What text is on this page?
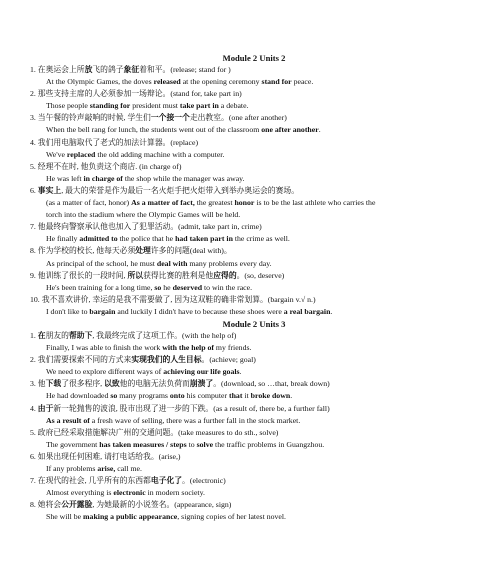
Module 2 Units 2
1. 在奥运会上所放飞的鸽子象征着和平。(release; stand for )
At the Olympic Games, the doves released at the opening ceremony stand for peace.
2. 那些支持主席的人必须参加一场辩论。(stand for, take part in)
Those people standing for president must take part in a debate.
3. 当午餐的铃声敲响的时候, 学生们一个接一个走出教室。(one after another)
When the bell rang for lunch, the students went out of the classroom one after another.
4. 我们用电脑取代了老式的加法计算器。(replace)
We've replaced the old adding machine with a computer.
5. 经理不在时, 他负责这个商店. (in charge of)
He was left in charge of the shop while the manager was away.
6. 事实上, 最大的荣誉是作为最后一名火炬手把火炬带入到举办奥运会的赛场。
(as a matter of fact, honor) As a matter of fact, the greatest honor is to be the last athlete who carries the
torch into the stadium where the Olympic Games will be held.
7. 他最终向警察承认他也加入了犯罪活动。(admit, take part in, crime)
He finally admitted to the police that he had taken part in the crime as well.
8. 作为学校的校长, 他每天必须处理许多的问题(deal with)。
As principal of the school, he must deal with many problems every day.
9. 他训练了很长的一段时间, 所以获得比赛的胜利是他应得的。(so, deserve)
He's been training for a long time, so he deserved to win the race.
10. 我不喜欢讲价, 幸运的是我不需要做了, 因为这双鞋的确非常划算。(bargain v.√ n.)
I don't like to bargain and luckily I didn't have to because these shoes were a real bargain.
Module 2 Units 3
1. 在朋友的帮助下, 我最终完成了这项工作。(with the help of)
Finally, I was able to finish the work with the help of my friends.
2. 我们需要探索不同的方式来实现我们的人生目标。(achieve; goal)
We need to explore different ways of achieving our life goals.
3. 他下载了很多程序, 以致他的电脑无法负荷而崩溃了。(download, so …that, break down)
He had downloaded so many programs onto his computer that it broke down.
4. 由于新一轮抛售的波浪, 股市出现了进一步的下跌。(as a result of, there be, a further fall)
As a result of a fresh wave of selling, there was a further fall in the stock market.
5. 政府已经采取措施解决广州的交通问题。(take measures to do sth., solve)
The government has taken measures / steps to solve the traffic problems in Guangzhou.
6. 如果出现任何困难, 请打电话给我。(arise,)
If any problems arise, call me.
7. 在现代的社会, 几乎所有的东西都电子化了。(electronic)
Almost everything is electronic in modern society.
8. 她将会公开露脸, 为她最新的小说签名。(appearance, sign)
She will be making a public appearance, signing copies of her latest novel.
